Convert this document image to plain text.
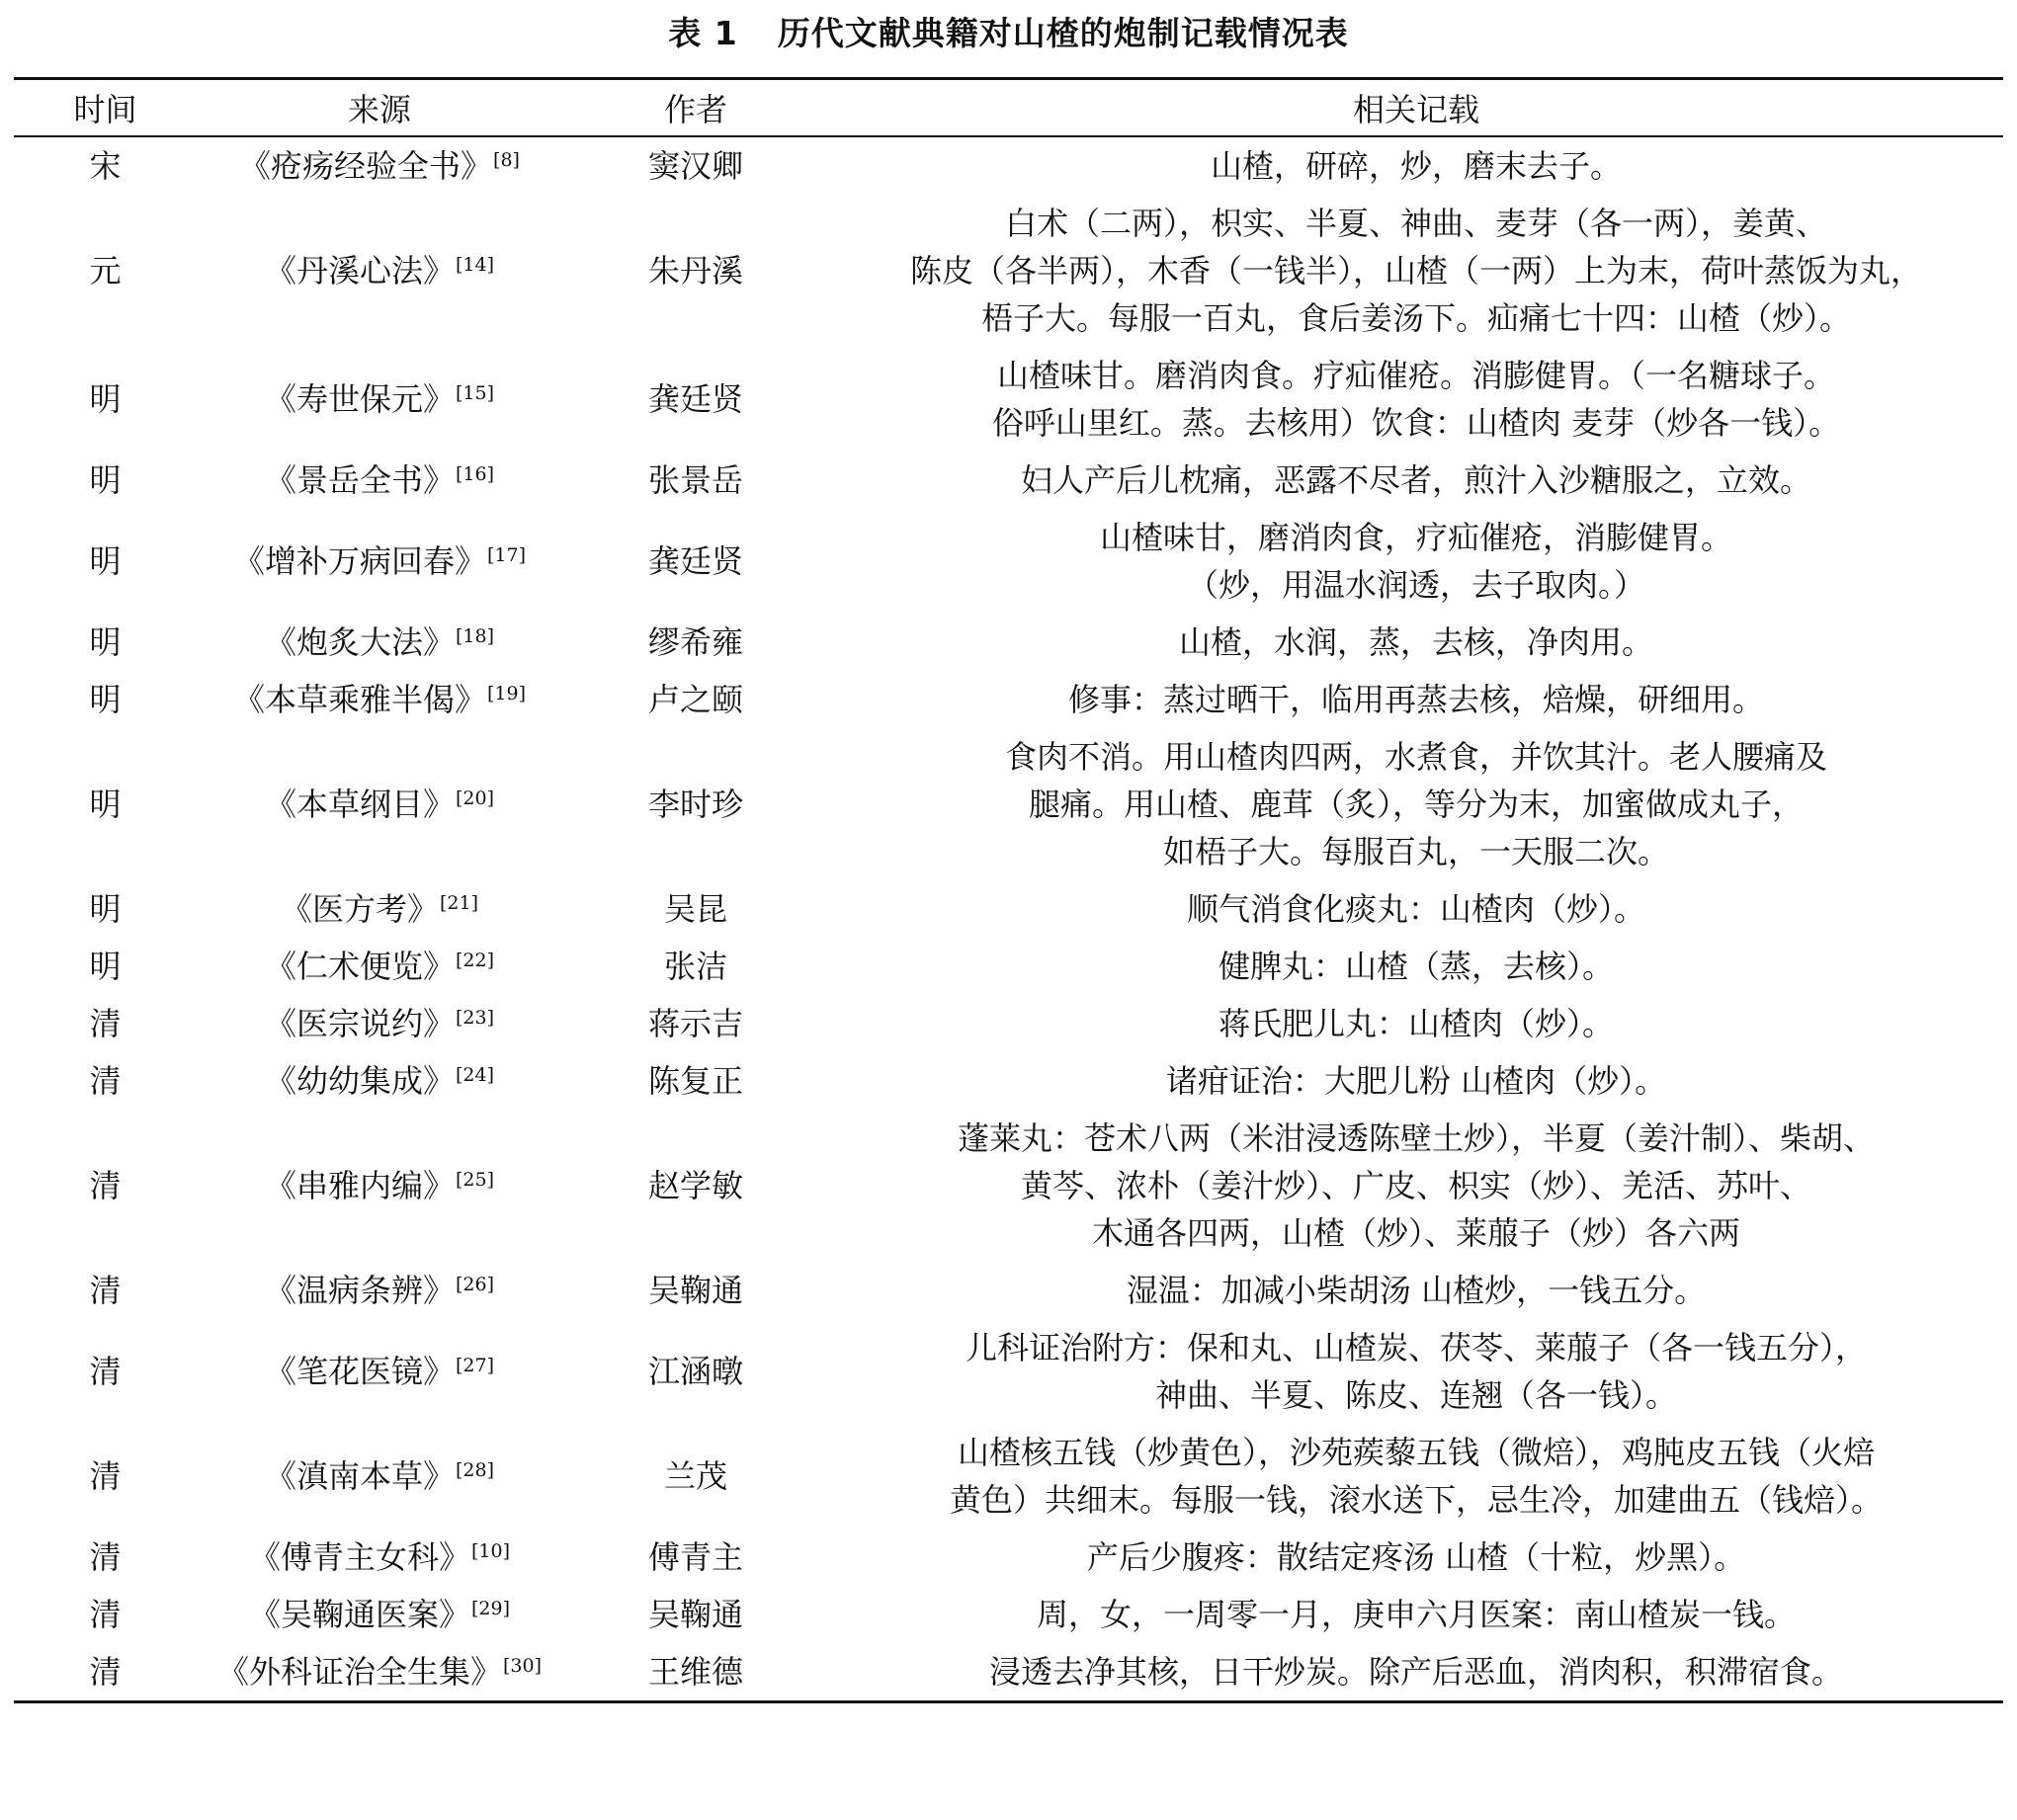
表 1 历代文献典籍对山楂的炮制记载情况表
时间	来源	作者	相关记载
宋	《疮疡经验全书》[8]	窦汉卿	山楂，研碎，炒，磨末去子。
元	《丹溪心法》[14]	朱丹溪	白术（二两），枳实、半夏、神曲、麦芽（各一两），姜黄、
陈皮（各半两），木香（一钱半），山楂（一两）上为末，荷叶蒸饭为丸，
梧子大。每服一百丸，食后姜汤下。疝痛七十四：山楂（炒）。
明	《寿世保元》[15]	龚廷贤	山楂味甘。磨消肉食。疗疝催疮。消膨健胃。（一名糖球子。
俗呼山里红。蒸。去核用）饮食：山楂肉 麦芽（炒各一钱）。
明	《景岳全书》[16]	张景岳	妇人产后儿枕痛，恶露不尽者，煎汁入沙糖服之，立效。
明	《增补万病回春》[17]	龚廷贤	山楂味甘，磨消肉食，疗疝催疮，消膨健胃。
（炒，用温水润透，去子取肉。）
明	《炮炙大法》[18]	缪希雍	山楂，水润，蒸，去核，净肉用。
明	《本草乘雅半偈》[19]	卢之颐	修事：蒸过晒干，临用再蒸去核，焙燥，研细用。
明	《本草纲目》[20]	李时珍	食肉不消。用山楂肉四两，水煮食，并饮其汁。老人腰痛及
腿痛。用山楂、鹿茸（炙），等分为末，加蜜做成丸子，
如梧子大。每服百丸，一天服二次。
明	《医方考》[21]	吴昆	顺气消食化痰丸：山楂肉（炒）。
明	《仁术便览》[22]	张洁	健脾丸：山楂（蒸，去核）。
清	《医宗说约》[23]	蒋示吉	蒋氏肥儿丸：山楂肉（炒）。
清	《幼幼集成》[24]	陈复正	诸疳证治：大肥儿粉 山楂肉（炒）。
清	《串雅内编》[25]	赵学敏	蓬莱丸：苍术八两（米泔浸透陈壁土炒），半夏（姜汁制）、柴胡、
黄芩、浓朴（姜汁炒）、广皮、枳实（炒）、羌活、苏叶、
木通各四两，山楂（炒）、莱菔子（炒）各六两
清	《温病条辨》[26]	吴鞠通	湿温：加减小柴胡汤 山楂炒，一钱五分。
清	《笔花医镜》[27]	江涵暾	儿科证治附方：保和丸、山楂炭、茯苓、莱菔子（各一钱五分），
神曲、半夏、陈皮、连翘（各一钱）。
清	《滇南本草》[28]	兰茂	山楂核五钱（炒黄色），沙苑蒺藜五钱（微焙），鸡肫皮五钱（火焙
黄色）共细末。每服一钱，滚水送下，忌生冷，加建曲五（钱焙）。
清	《傅青主女科》[10]	傅青主	产后少腹疼：散结定疼汤 山楂（十粒，炒黑）。
清	《吴鞠通医案》[29]	吴鞠通	周，女，一周零一月，庚申六月医案：南山楂炭一钱。
清	《外科证治全生集》[30]	王维德	浸透去净其核，日干炒炭。除产后恶血，消肉积，积滞宿食。
